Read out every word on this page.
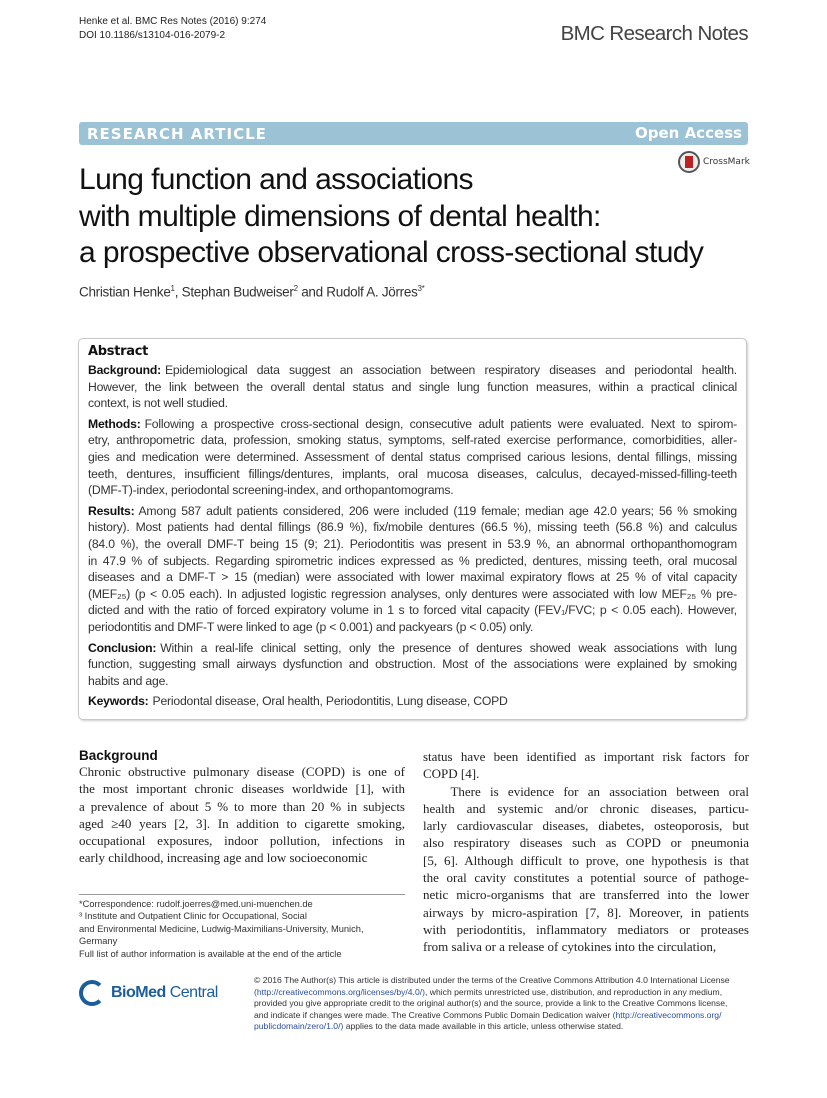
Henke et al. BMC Res Notes (2016) 9:274
DOI 10.1186/s13104-016-2079-2	BMC Research Notes
RESEARCH ARTICLE	Open Access
CrossMark
Lung function and associations
with multiple dimensions of dental health:
a prospective observational cross-sectional study
Christian Henke$^1$, Stephan Budweiser$^2$ and Rudolf A. Jörres$^{3*}$
Abstract
Background: Epidemiological data suggest an association between respiratory diseases and periodontal health.
However, the link between the overall dental status and single lung function measures, within a practical clinical
context, is not well studied.
Methods: Following a prospective cross-sectional design, consecutive adult patients were evaluated. Next to spirom-
etry, anthropometric data, profession, smoking status, symptoms, self-rated exercise performance, comorbidities, aller-
gies and medication were determined. Assessment of dental status comprised carious lesions, dental fillings, missing
teeth, dentures, insufficient fillings/dentures, implants, oral mucosa diseases, calculus, decayed-missed-filling-teeth
(DMF-T)-index, periodontal screening-index, and orthopantomograms.
Results: Among 587 adult patients considered, 206 were included (119 female; median age 42.0 years; 56 % smoking
history). Most patients had dental fillings (86.9 %), fix/mobile dentures (66.5 %), missing teeth (56.8 %) and calculus
(84.0 %), the overall DMF-T being 15 (9; 21). Periodontitis was present in 53.9 %, an abnormal orthopanthomogram
in 47.9 % of subjects. Regarding spirometric indices expressed as % predicted, dentures, missing teeth, oral mucosal
diseases and a DMF-T > 15 (median) were associated with lower maximal expiratory flows at 25 % of vital capacity
(MEF₂₅) (p < 0.05 each). In adjusted logistic regression analyses, only dentures were associated with low MEF₂₅ % pre-
dicted and with the ratio of forced expiratory volume in 1 s to forced vital capacity (FEV₁/FVC; p < 0.05 each). However,
periodontitis and DMF-T were linked to age (p < 0.001) and packyears (p < 0.05) only.
Conclusion: Within a real-life clinical setting, only the presence of dentures showed weak associations with lung
function, suggesting small airways dysfunction and obstruction. Most of the associations were explained by smoking
habits and age.
Keywords: Periodontal disease, Oral health, Periodontitis, Lung disease, COPD
Background
Chronic obstructive pulmonary disease (COPD) is one of
the most important chronic diseases worldwide [1], with
a prevalence of about 5 % to more than 20 % in subjects
aged ≥40 years [2, 3]. In addition to cigarette smoking,
occupational exposures, indoor pollution, infections in
early childhood, increasing age and low socioeconomic
status have been identified as important risk factors for
COPD [4].
There is evidence for an association between oral
health and systemic and/or chronic diseases, particu-
larly cardiovascular diseases, diabetes, osteoporosis, but
also respiratory diseases such as COPD or pneumonia
[5, 6]. Although difficult to prove, one hypothesis is that
the oral cavity constitutes a potential source of pathoge-
netic micro-organisms that are transferred into the lower
airways by micro-aspiration [7, 8]. Moreover, in patients
with periodontitis, inflammatory mediators or proteases
from saliva or a release of cytokines into the circulation,
*Correspondence: rudolf.joerres@med.uni-muenchen.de
³ Institute and Outpatient Clinic for Occupational, Social
and Environmental Medicine, Ludwig-Maximilians-University, Munich,
Germany
Full list of author information is available at the end of the article
BioMed Central
© 2016 The Author(s) This article is distributed under the terms of the Creative Commons Attribution 4.0 International License
(http://creativecommons.org/licenses/by/4.0/), which permits unrestricted use, distribution, and reproduction in any medium,
provided you give appropriate credit to the original author(s) and the source, provide a link to the Creative Commons license,
and indicate if changes were made. The Creative Commons Public Domain Dedication waiver (http://creativecommons.org/
publicdomain/zero/1.0/) applies to the data made available in this article, unless otherwise stated.
